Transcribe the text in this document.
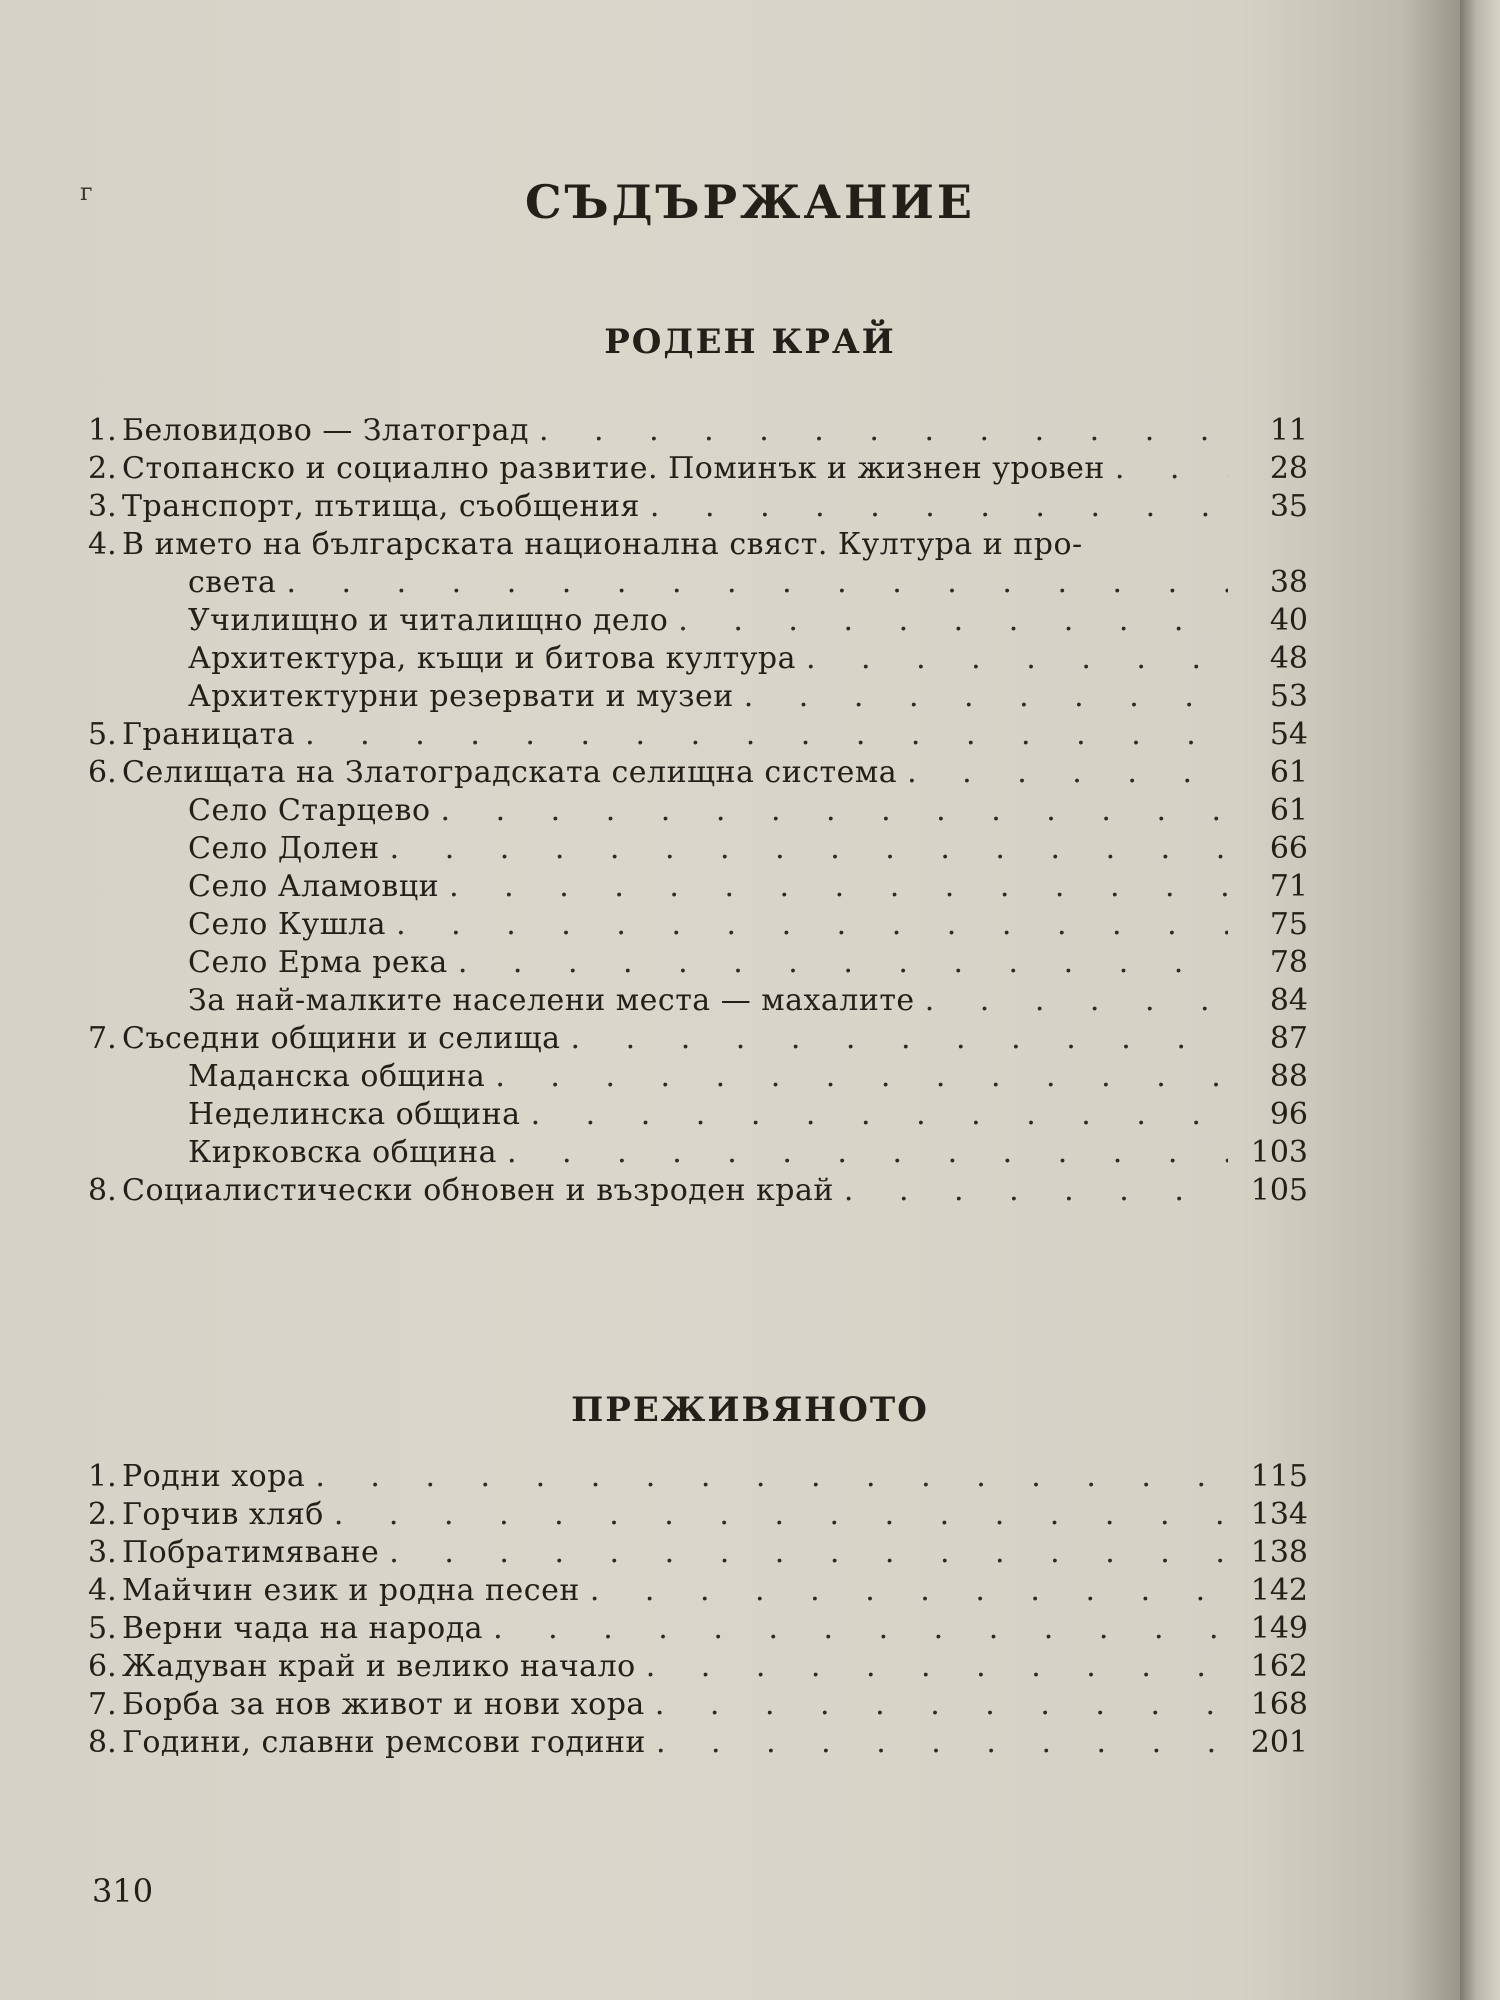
г	СЪДЪРЖАНИЕ
РОДЕН КРАЙ
1. Беловидово — Златоград . . .	11
2. Стопанско и социално развитие. Поминък и жизнен уровен . . .	28
3. Транспорт, пътища, съобщения . . .	35
4. В името на българската национална свяст. Култура и про-
света . . .	38
Училищно и читалищно дело . . .	40
Архитектура, къщи и битова култура . . .	48
Архитектурни резервати и музеи . . .	53
5. Границата . . .	54
6. Селищата на Златоградската селищна система . . .	61
Село Старцево . . .	61
Село Долен . . .	66
Село Аламовци . . .	71
Село Кушла . . .	75
Село Ерма река . . .	78
За най-малките населени места — махалите . . .	84
7. Съседни общини и селища . . .	87
Маданска община . . .	88
Неделинска община . . .	96
Кирковска община . . .	103
8. Социалистически обновен и възроден край . . .	105
ПРЕЖИВЯНОТО
1. Родни хора . . .	115
2. Горчив хляб . . .	134
3. Побратимяване . . .	138
4. Майчин език и родна песен . . .	142
5. Верни чада на народа . . .	149
6. Жадуван край и велико начало . . .	162
7. Борба за нов живот и нови хора . . .	168
8. Години, славни ремсови години . . .	201
310
